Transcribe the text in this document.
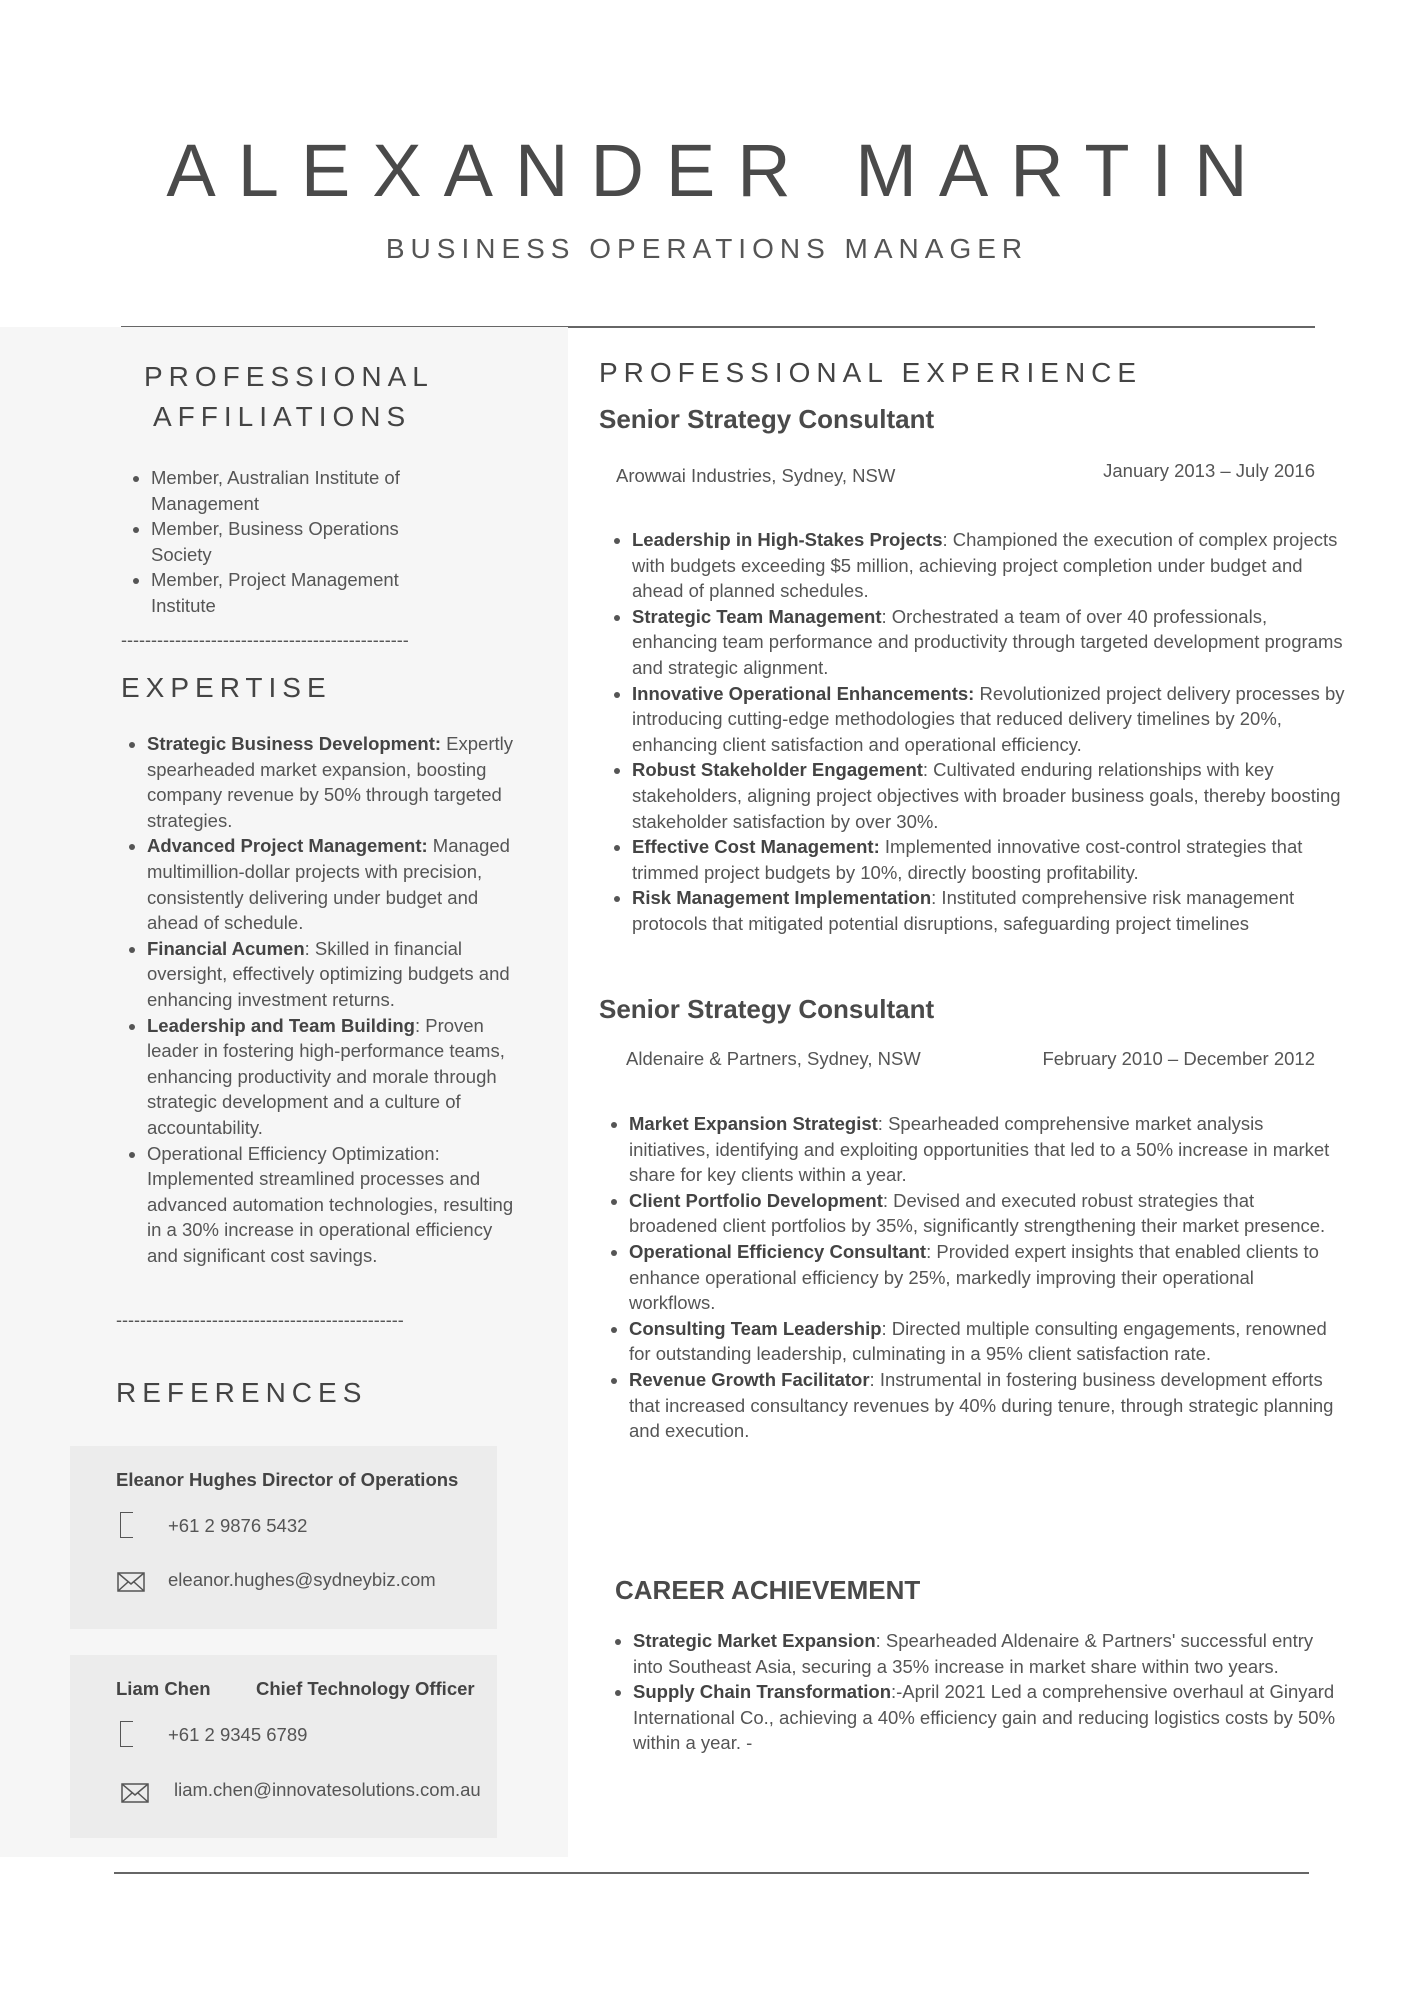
ALEXANDER MARTIN
BUSINESS OPERATIONS MANAGER
PROFESSIONAL
AFFILIATIONS
• Member, Australian Institute of Management
• Member, Business Operations Society
• Member, Project Management Institute
------------------------------------------------
EXPERTISE
• Strategic Business Development: Expertly spearheaded market expansion, boosting company revenue by 50% through targeted strategies.
• Advanced Project Management: Managed multimillion-dollar projects with precision, consistently delivering under budget and ahead of schedule.
• Financial Acumen: Skilled in financial oversight, effectively optimizing budgets and enhancing investment returns.
• Leadership and Team Building: Proven leader in fostering high-performance teams, enhancing productivity and morale through strategic development and a culture of accountability.
• Operational Efficiency Optimization: Implemented streamlined processes and advanced automation technologies, resulting in a 30% increase in operational efficiency and significant cost savings.
------------------------------------------------
REFERENCES
Eleanor Hughes Director of Operations
+61 2 9876 5432
eleanor.hughes@sydneybiz.com
Liam Chen Chief Technology Officer
+61 2 9345 6789
liam.chen@innovatesolutions.com.au
PROFESSIONAL EXPERIENCE
Senior Strategy Consultant
Arowwai Industries, Sydney, NSW	January 2013 – July 2016
• Leadership in High-Stakes Projects: Championed the execution of complex projects with budgets exceeding $5 million, achieving project completion under budget and ahead of planned schedules.
• Strategic Team Management: Orchestrated a team of over 40 professionals, enhancing team performance and productivity through targeted development programs and strategic alignment.
• Innovative Operational Enhancements: Revolutionized project delivery processes by introducing cutting-edge methodologies that reduced delivery timelines by 20%, enhancing client satisfaction and operational efficiency.
• Robust Stakeholder Engagement: Cultivated enduring relationships with key stakeholders, aligning project objectives with broader business goals, thereby boosting stakeholder satisfaction by over 30%.
• Effective Cost Management: Implemented innovative cost-control strategies that trimmed project budgets by 10%, directly boosting profitability.
• Risk Management Implementation: Instituted comprehensive risk management protocols that mitigated potential disruptions, safeguarding project timelines
Senior Strategy Consultant
Aldenaire & Partners, Sydney, NSW	February 2010 – December 2012
• Market Expansion Strategist: Spearheaded comprehensive market analysis initiatives, identifying and exploiting opportunities that led to a 50% increase in market share for key clients within a year.
• Client Portfolio Development: Devised and executed robust strategies that broadened client portfolios by 35%, significantly strengthening their market presence.
• Operational Efficiency Consultant: Provided expert insights that enabled clients to enhance operational efficiency by 25%, markedly improving their operational workflows.
• Consulting Team Leadership: Directed multiple consulting engagements, renowned for outstanding leadership, culminating in a 95% client satisfaction rate.
• Revenue Growth Facilitator: Instrumental in fostering business development efforts that increased consultancy revenues by 40% during tenure, through strategic planning and execution.
CAREER ACHIEVEMENT
• Strategic Market Expansion: Spearheaded Aldenaire & Partners' successful entry into Southeast Asia, securing a 35% increase in market share within two years.
• Supply Chain Transformation:-April 2021 Led a comprehensive overhaul at Ginyard International Co., achieving a 40% efficiency gain and reducing logistics costs by 50% within a year. -
